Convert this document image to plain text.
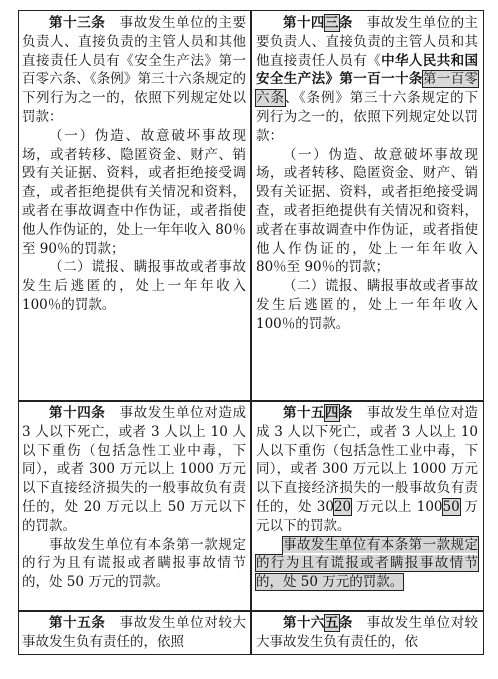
第十三条　 事故发生单位的主要负责人、直接负责的主管人员和其他直接责任人员有《安全生产法》第一百零六条、《条例》第三十六条规定的下列行为之一的，依照下列规定处以罚款：

（一）伪造、故意破坏事故现场，或者转移、隐匿资金、财产、销毁有关证据、资料，或者拒绝接受调查，或者拒绝提供有关情况和资料，或者在事故调查中作伪证，或者指使他人作伪证的，处上一年年收入 80％至 90％的罚款；

（二）谎报、瞒报事故或者事故发生后逃匿的，处上一年年收入 100％的罚款。

第十四三条　 事故发生单位的主要负责人、直接负责的主管人员和其他直接责任人员有《中华人民共和国安全生产法》第一百一十条第一百零六条、《条例》第三十六条规定的下列行为之一的，依照下列规定处以罚款：

（一）伪造、故意破坏事故现场，或者转移、隐匿资金、财产、销毁有关证据、资料，或者拒绝接受调查，或者拒绝提供有关情况和资料，或者在事故调查中作伪证，或者指使他人作伪证的，处上一年年收入 80％至 90％的罚款；

（二）谎报、瞒报事故或者事故发生后逃匿的，处上一年年收入 100％的罚款。

第十四条　 事故发生单位对造成 3 人以下死亡，或者 3 人以上 10 人以下重伤（包括急性工业中毒，下同），或者 300 万元以上 1000 万元以下直接经济损失的一般事故负有责任的，处 20 万元以上 50 万元以下的罚款。

事故发生单位有本条第一款规定的行为且有谎报或者瞒报事故情节的，处 50 万元的罚款。

第十五四条　 事故发生单位对造成 3 人以下死亡，或者 3 人以上 10 人以下重伤（包括急性工业中毒，下同），或者 300 万元以上 1000 万元以下直接经济损失的一般事故负有责任的，处 3020 万元以上 10050 万元以下的罚款。

事故发生单位有本条第一款规定的行为且有谎报或者瞒报事故情节的，处 50 万元的罚款。

第十五条　 事故发生单位对较大事故发生负有责任的，依照

第十六五条　 事故发生单位对较大事故发生负有责任的，依
